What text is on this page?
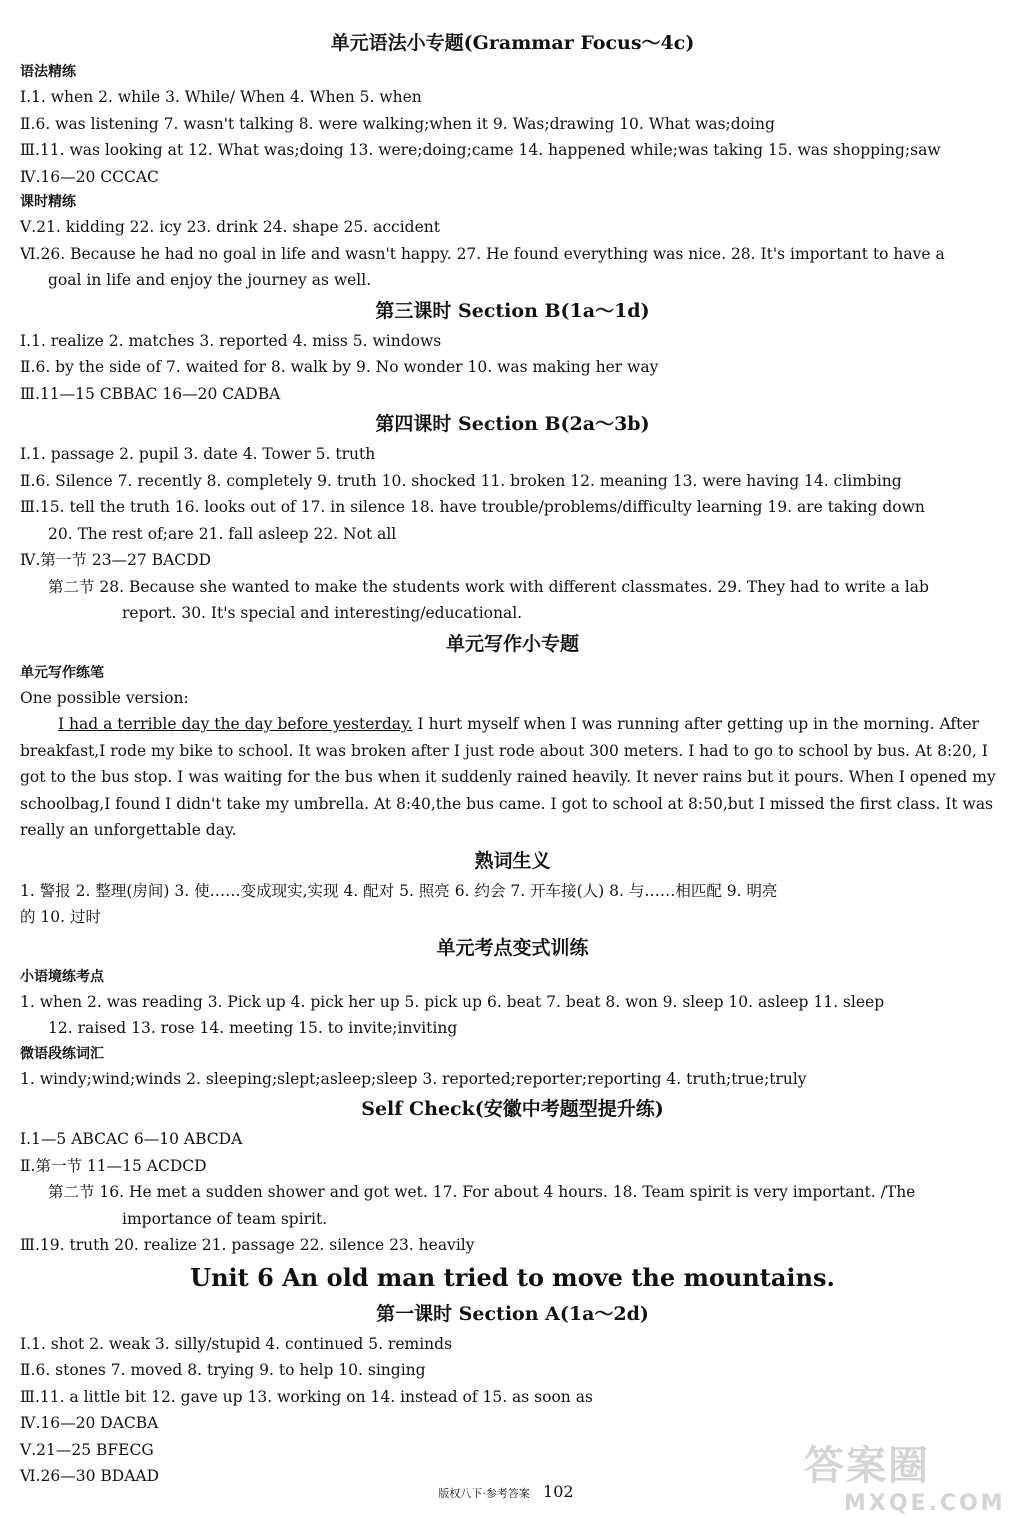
单元语法小专题(Grammar Focus～4c)
语法精练
Ⅰ.1. when 2. while 3. While/ When 4. When 5. when
Ⅱ.6. was listening 7. wasn't talking 8. were walking;when it 9. Was;drawing 10. What was;doing
Ⅲ.11. was looking at 12. What was;doing 13. were;doing;came 14. happened while;was taking 15. was shopping;saw
Ⅳ.16—20 CCCAC
课时精练
Ⅴ.21. kidding 22. icy 23. drink 24. shape 25. accident
Ⅵ.26. Because he had no goal in life and wasn't happy. 27. He found everything was nice. 28. It's important to have a
goal in life and enjoy the journey as well.
第三课时 Section B(1a～1d)
Ⅰ.1. realize 2. matches 3. reported 4. miss 5. windows
Ⅱ.6. by the side of 7. waited for 8. walk by 9. No wonder 10. was making her way
Ⅲ.11—15 CBBAC 16—20 CADBA
第四课时 Section B(2a～3b)
Ⅰ.1. passage 2. pupil 3. date 4. Tower 5. truth
Ⅱ.6. Silence 7. recently 8. completely 9. truth 10. shocked 11. broken 12. meaning 13. were having 14. climbing
Ⅲ.15. tell the truth 16. looks out of 17. in silence 18. have trouble/problems/difficulty learning 19. are taking down
20. The rest of;are 21. fall asleep 22. Not all
Ⅳ.第一节 23—27 BACDD
第二节 28. Because she wanted to make the students work with different classmates. 29. They had to write a lab
report. 30. It's special and interesting/educational.
单元写作小专题
单元写作练笔
One possible version:
I had a terrible day the day before yesterday. I hurt myself when I was running after getting up in the morning. After breakfast,I rode my bike to school. It was broken after I just rode about 300 meters. I had to go to school by bus. At 8:20, I got to the bus stop. I was waiting for the bus when it suddenly rained heavily. It never rains but it pours. When I opened my schoolbag,I found I didn't take my umbrella. At 8:40,the bus came. I got to school at 8:50,but I missed the first class. It was really an unforgettable day.
熟词生义
1. 警报 2. 整理(房间) 3. 使……变成现实,实现 4. 配对 5. 照亮 6. 约会 7. 开车接(人) 8. 与……相匹配 9. 明亮
的 10. 过时
单元考点变式训练
小语境练考点
1. when 2. was reading 3. Pick up 4. pick her up 5. pick up 6. beat 7. beat 8. won 9. sleep 10. asleep 11. sleep
12. raised 13. rose 14. meeting 15. to invite;inviting
微语段练词汇
1. windy;wind;winds 2. sleeping;slept;asleep;sleep 3. reported;reporter;reporting 4. truth;true;truly
Self Check(安徽中考题型提升练)
Ⅰ.1—5 ABCAC 6—10 ABCDA
Ⅱ.第一节 11—15 ACDCD
第二节 16. He met a sudden shower and got wet. 17. For about 4 hours. 18. Team spirit is very important. /The
importance of team spirit.
Ⅲ.19. truth 20. realize 21. passage 22. silence 23. heavily
Unit 6 An old man tried to move the mountains.
第一课时 Section A(1a～2d)
Ⅰ.1. shot 2. weak 3. silly/stupid 4. continued 5. reminds
Ⅱ.6. stones 7. moved 8. trying 9. to help 10. singing
Ⅲ.11. a little bit 12. gave up 13. working on 14. instead of 15. as soon as
Ⅳ.16—20 DACBA
Ⅴ.21—25 BFECG
Ⅵ.26—30 BDAAD
版权八下·参考答案 102
答案圈
MXQE.COM
